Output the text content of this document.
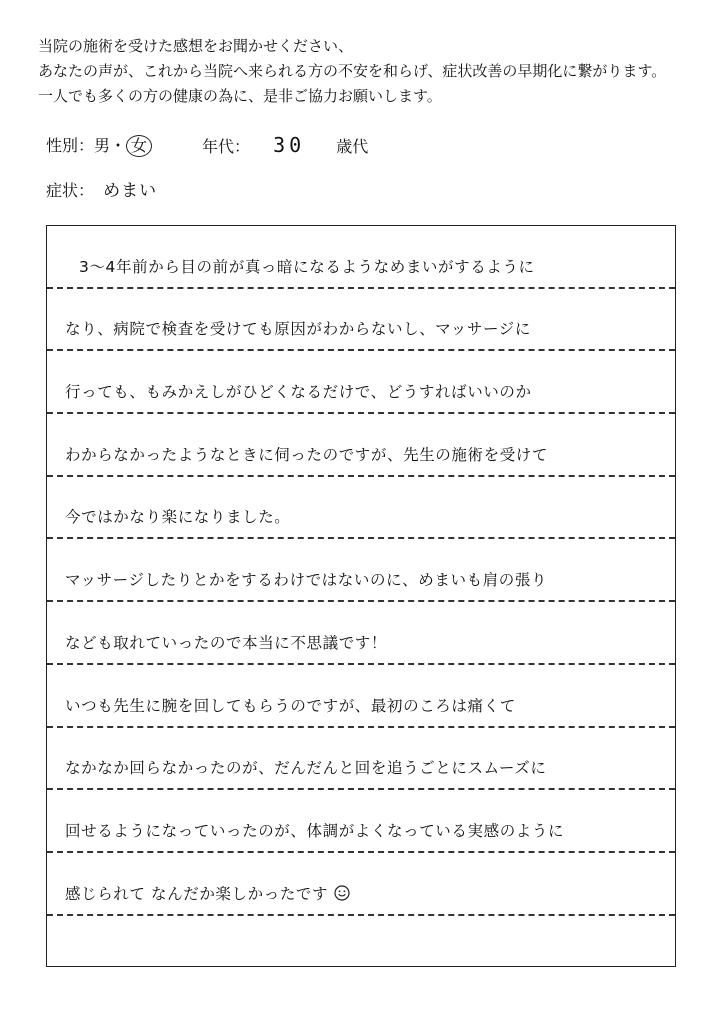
当院の施術を受けた感想をお聞かせください、
あなたの声が、これから当院へ来られる方の不安を和らげ、症状改善の早期化に繋がります。
一人でも多くの方の健康の為に、是非ご協力お願いします。
性別：男・ 女	年代： 30 歳代
症状： めまい
3～4年前から目の前が真っ暗になるようなめまいがするように
なり、病院で検査を受けても原因がわからないし、マッサージに
行っても、もみかえしがひどくなるだけで、どうすればいいのか
わからなかったようなときに伺ったのですが、先生の施術を受けて
今ではかなり楽になりました。
マッサージしたりとかをするわけではないのに、めまいも肩の張り
なども取れていったので本当に不思議です！
いつも先生に腕を回してもらうのですが、最初のころは痛くて
なかなか回らなかったのが、だんだんと回を追うごとにスムーズに
回せるようになっていったのが、体調がよくなっている実感のように
感じられて なんだか楽しかったです
